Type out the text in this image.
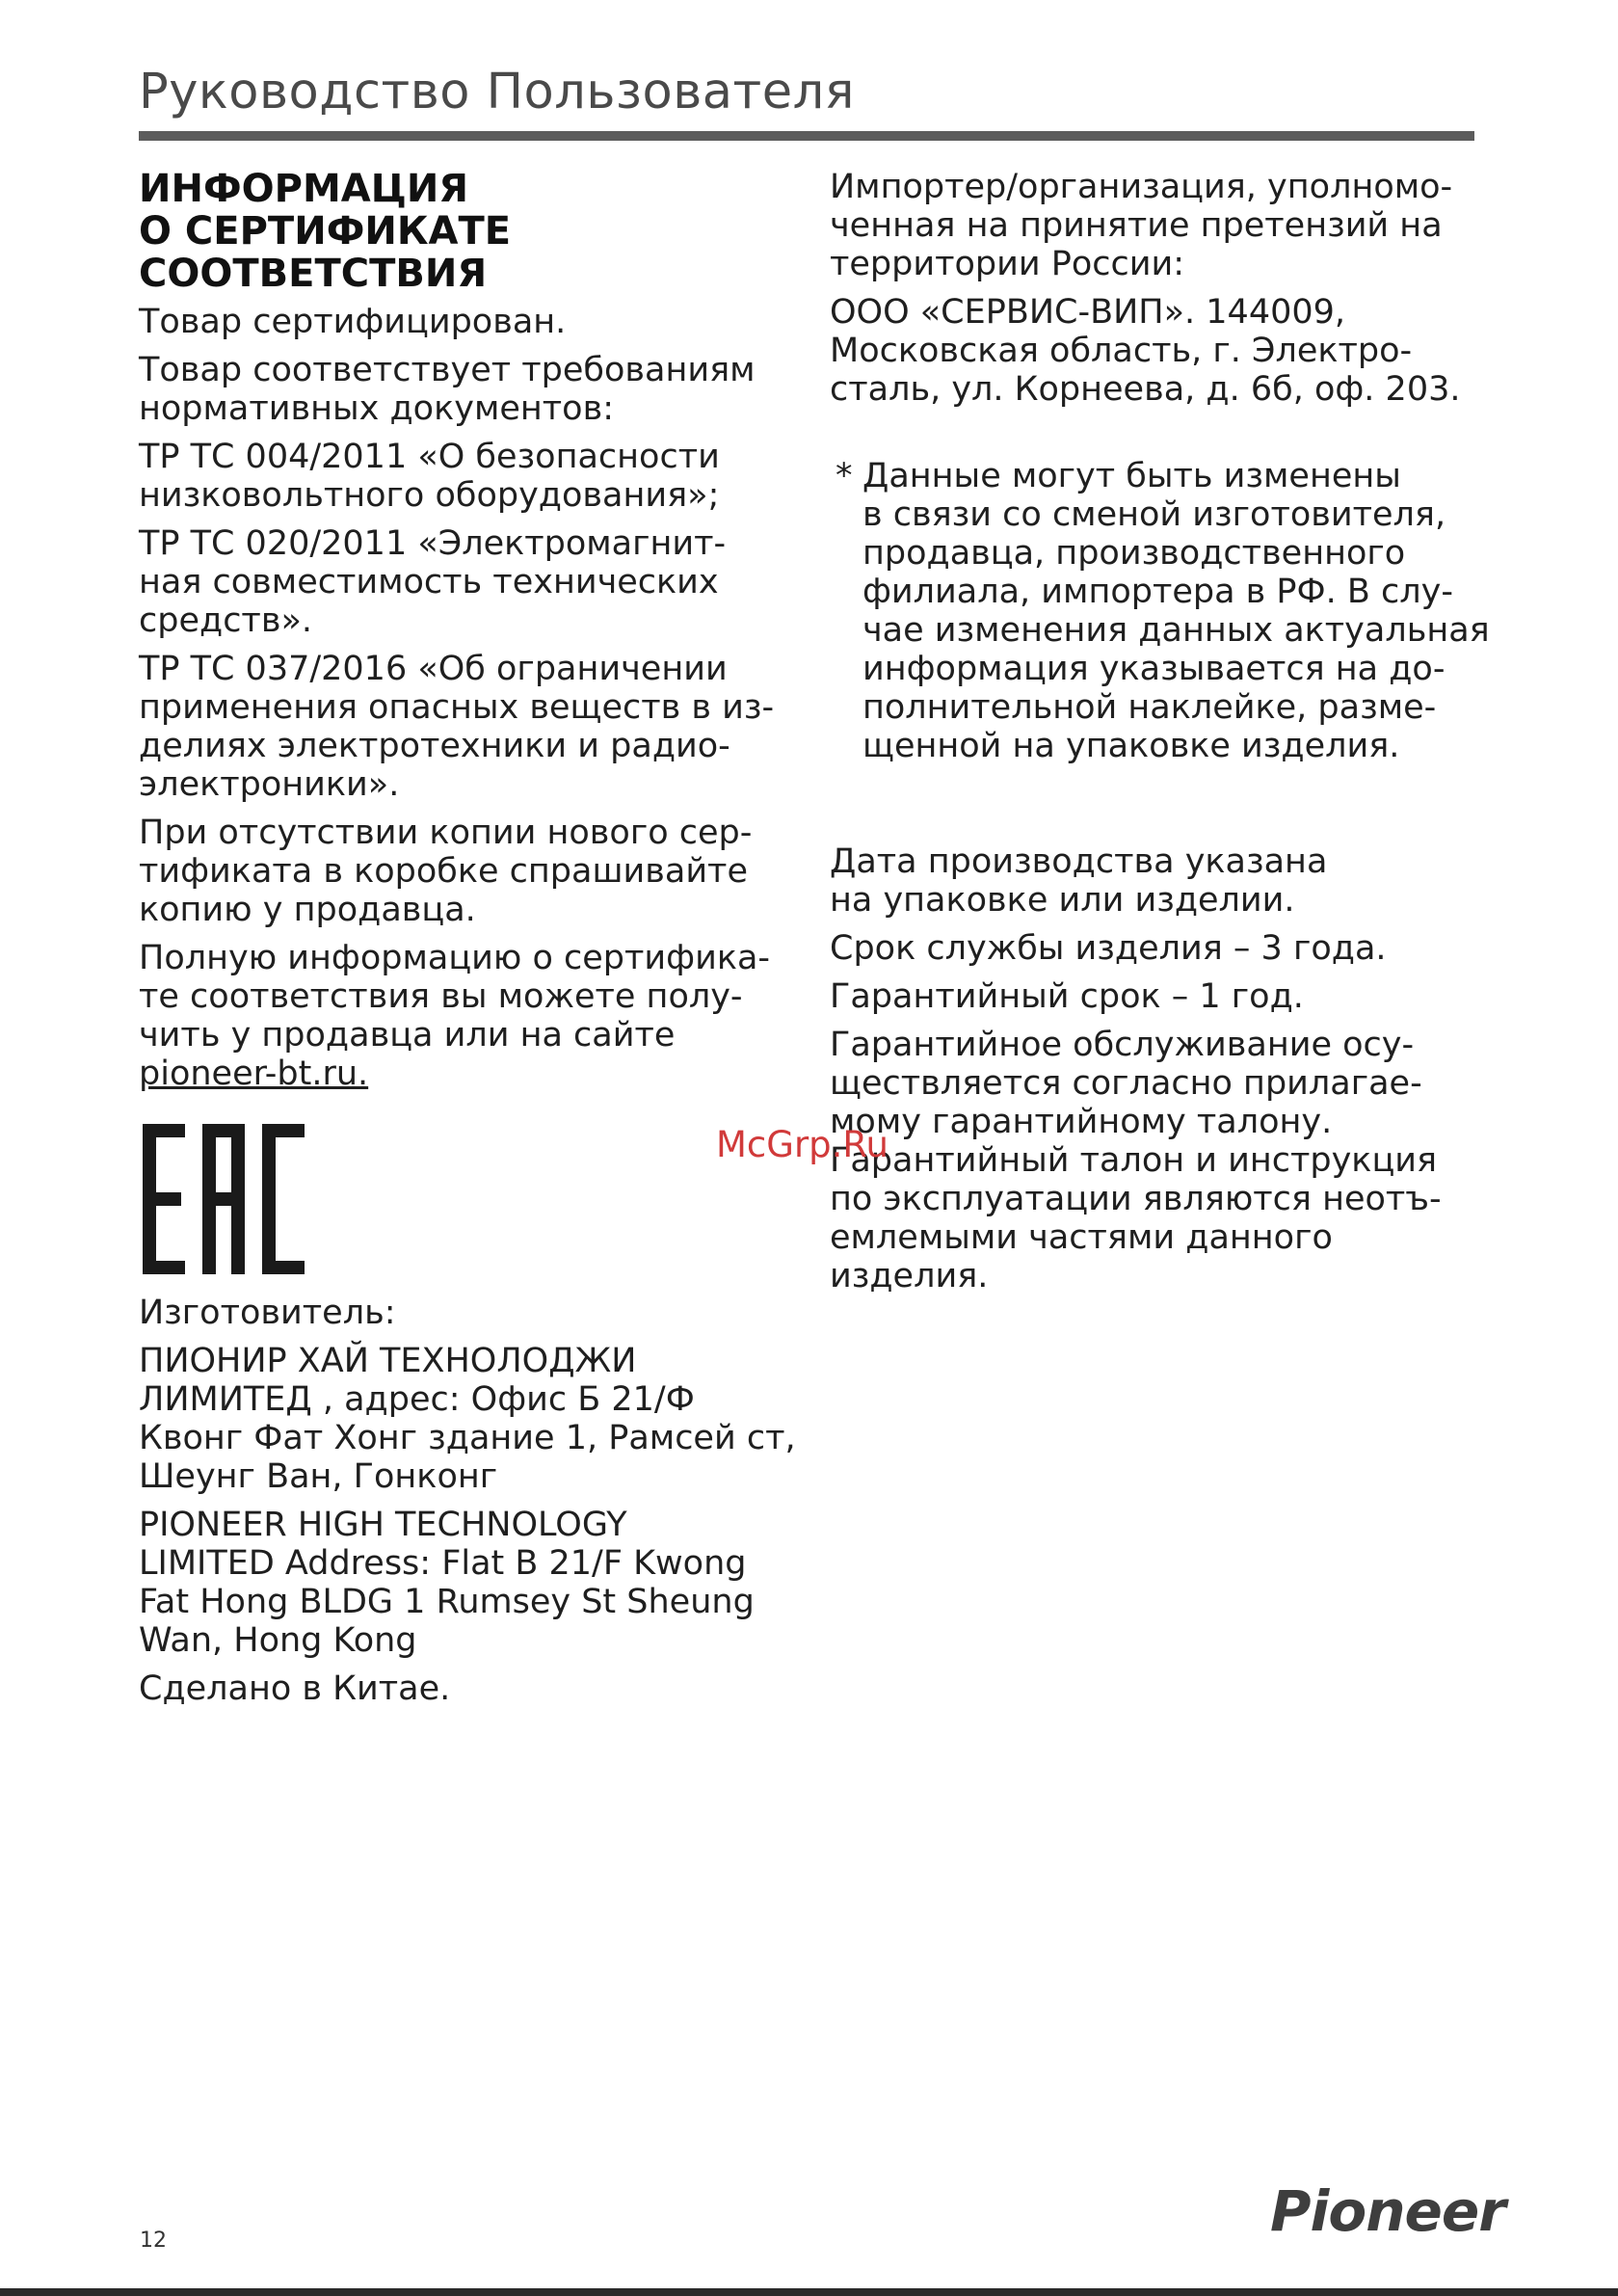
Руководство Пользователя
ИНФОРМАЦИЯ
О СЕРТИФИКАТЕ
СООТВЕТСТВИЯ

Товар сертифицирован.

Товар соответствует требованиям
нормативных документов:

ТР ТС 004/2011 «О безопасности
низковольтного оборудования»;

ТР ТС 020/2011 «Электромагнит-
ная совместимость технических
средств».

ТР ТС 037/2016 «Об ограничении
применения опасных веществ в из-
делиях электротехники и радио-
электроники».

При отсутствии копии нового сер-
тификата в коробке спрашивайте
копию у продавца.

Полную информацию о сертифика-
те соответствия вы можете полу-
чить у продавца или на сайте
pioneer-bt.ru.

Изготовитель:

ПИОНИР ХАЙ ТЕХНОЛОДЖИ
ЛИМИТЕД , адрес: Офис Б 21/Ф
Квонг Фат Хонг здание 1, Рамсей ст,
Шеунг Ван, Гонконг

PIONEER HIGH TECHNOLOGY
LIMITED Address: Flat B 21/F Kwong
Fat Hong BLDG 1 Rumsey St Sheung
Wan, Hong Kong

Сделано в Китае.

Импортер/организация, уполномо-
ченная на принятие претензий на
территории России:

ООО «СЕРВИС-ВИП». 144009,
Московская область, г. Электро-
сталь, ул. Корнеева, д. 6б, оф. 203.

* Данные могут быть изменены
в связи со сменой изготовителя,
продавца, производственного
филиала, импортера в РФ. В слу-
чае изменения данных актуальная
информация указывается на до-
полнительной наклейке, разме-
щенной на упаковке изделия.

Дата производства указана
на упаковке или изделии.

Срок службы изделия – 3 года.

Гарантийный срок – 1 год.

Гарантийное обслуживание осу-
ществляется согласно прилагае-
мому гарантийному талону.
Гарантийный талон и инструкция
по эксплуатации являются неотъ-
емлемыми частями данного
изделия.

McGrp.Ru
12	Pioneer
